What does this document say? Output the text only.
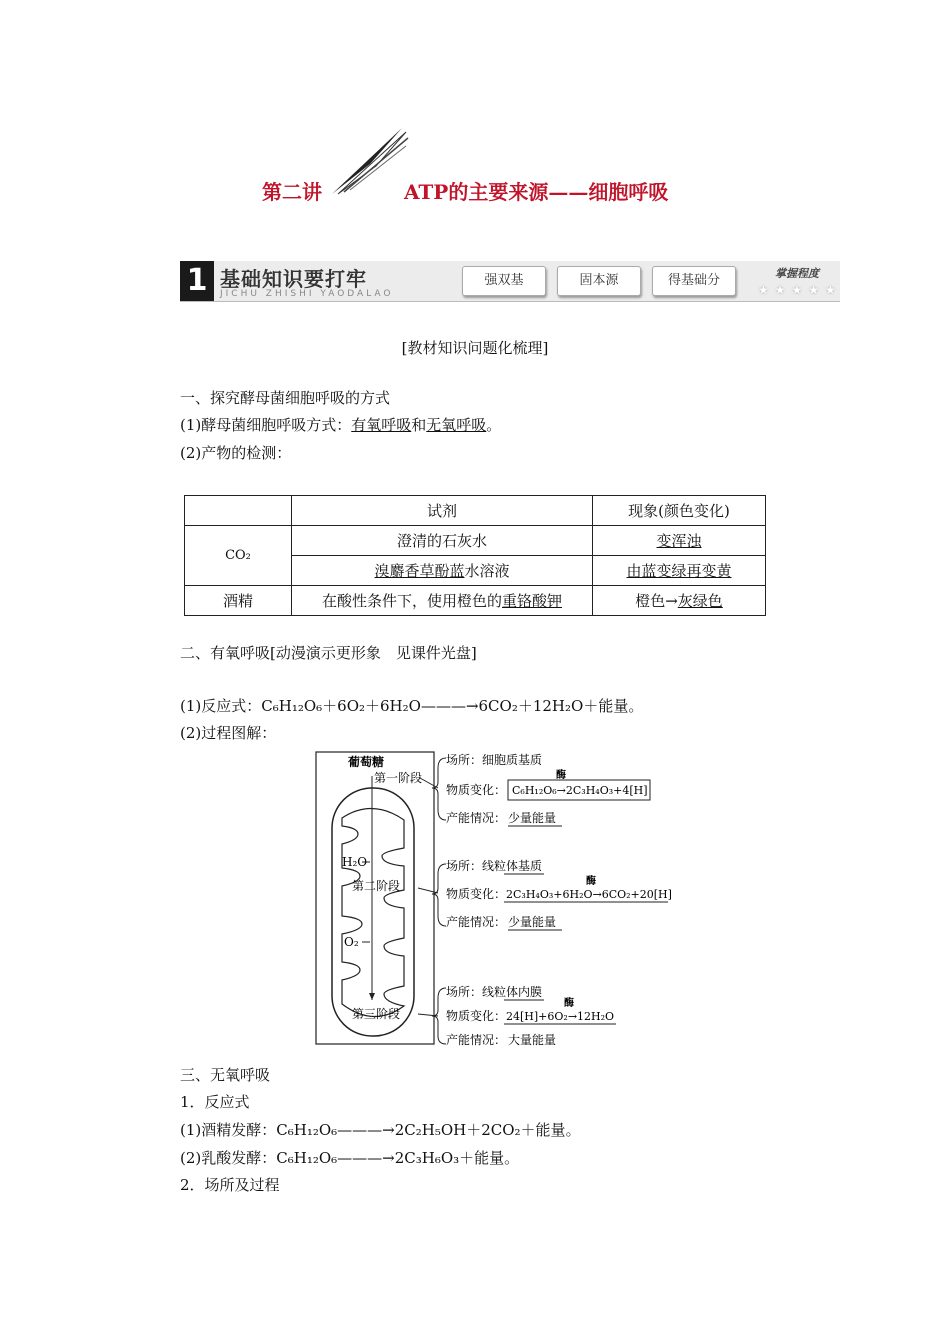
第二讲	ATP的主要来源——细胞呼吸
1 基础知识要打牢
JICHU ZHISHI YAODALAO
强双基	固本源	得基础分	掌握程度
★★★★★
[教材知识问题化梳理]
一、探究酵母菌细胞呼吸的方式
(1)酵母菌细胞呼吸方式：有氧呼吸和无氧呼吸。
(2)产物的检测：
	试剂	现象(颜色变化)
CO₂	澄清的石灰水	变浑浊
	溴麝香草酚蓝水溶液	由蓝变绿再变黄
酒精	在酸性条件下，使用橙色的重铬酸钾	橙色→灰绿色
二、有氧呼吸[动漫演示更形象　见课件光盘]
(1)反应式：C₆H₁₂O₆＋6O₂＋6H₂O———→6CO₂＋12H₂O＋能量。
(2)过程图解：
葡萄糖
第一阶段
H₂O
第二阶段
O₂
第三阶段
场所：细胞质基质
物质变化： C₆H₁₂O₆→2C₃H₄O₃+4[H]
酶
产能情况： 少量能量
场所：线粒体基质
物质变化： 2C₃H₄O₃+6H₂O→6CO₂+20[H]
酶
产能情况： 少量能量
场所：线粒体内膜
物质变化： 24[H]+6O₂→12H₂O
酶
产能情况： 大量能量
三、无氧呼吸
1．反应式
(1)酒精发酵：C₆H₁₂O₆———→2C₂H₅OH＋2CO₂＋能量。
(2)乳酸发酵：C₆H₁₂O₆———→2C₃H₆O₃＋能量。
2．场所及过程
